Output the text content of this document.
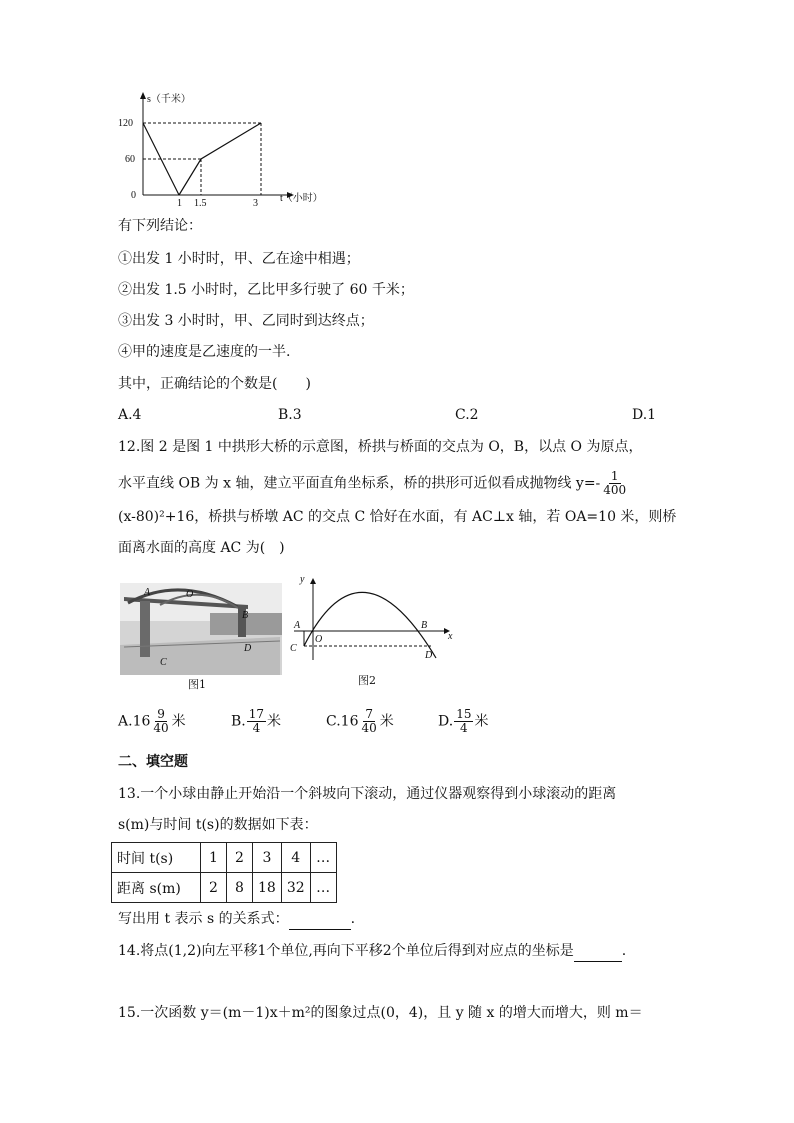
s（千米）
t（小时）
120
60
0
1 1.5	3
有下列结论：
①出发 1 小时时，甲、乙在途中相遇；
②出发 1.5 小时时，乙比甲多行驶了 60 千米；
③出发 3 小时时，甲、乙同时到达终点；
④甲的速度是乙速度的一半.
其中，正确结论的个数是(　　)
A.4	B.3	C.2	D.1
12.图 2 是图 1 中拱形大桥的示意图，桥拱与桥面的交点为 O，B，以点 O 为原点，
水平直线 OB 为 x 轴，建立平面直角坐标系，桥的拱形可近似看成抛物线 $y=- \frac{1}{400}$
(x-80)²+16，桥拱与桥墩 AC 的交点 C 恰好在水面，有 AC⊥x 轴，若 OA=10 米，则桥
面离水面的高度 AC 为(　)
A	O
B
C
D
图1
y
x
A
O
B
C
D
图2
$A.16 \frac{9}{40}$ 米	B. $\frac{17}{4}$ 米	$C.16 \frac{7}{40}$ 米	D. $\frac{15}{4}$ 米
二、填空题
13.一个小球由静止开始沿一个斜坡向下滚动，通过仪器观察得到小球滚动的距离
s(m)与时间 t(s)的数据如下表：
时间 t(s)	1	2	3	4	…
距离 s(m)	2	8	18	32	…
写出用 t 表示 s 的关系式：	.
14.将点(1,2)向左平移1个单位,再向下平移2个单位后得到对应点的坐标是	.
15.一次函数 y＝(m－1)x＋m²的图象过点(0，4)，且 y 随 x 的增大而增大，则 m＝
